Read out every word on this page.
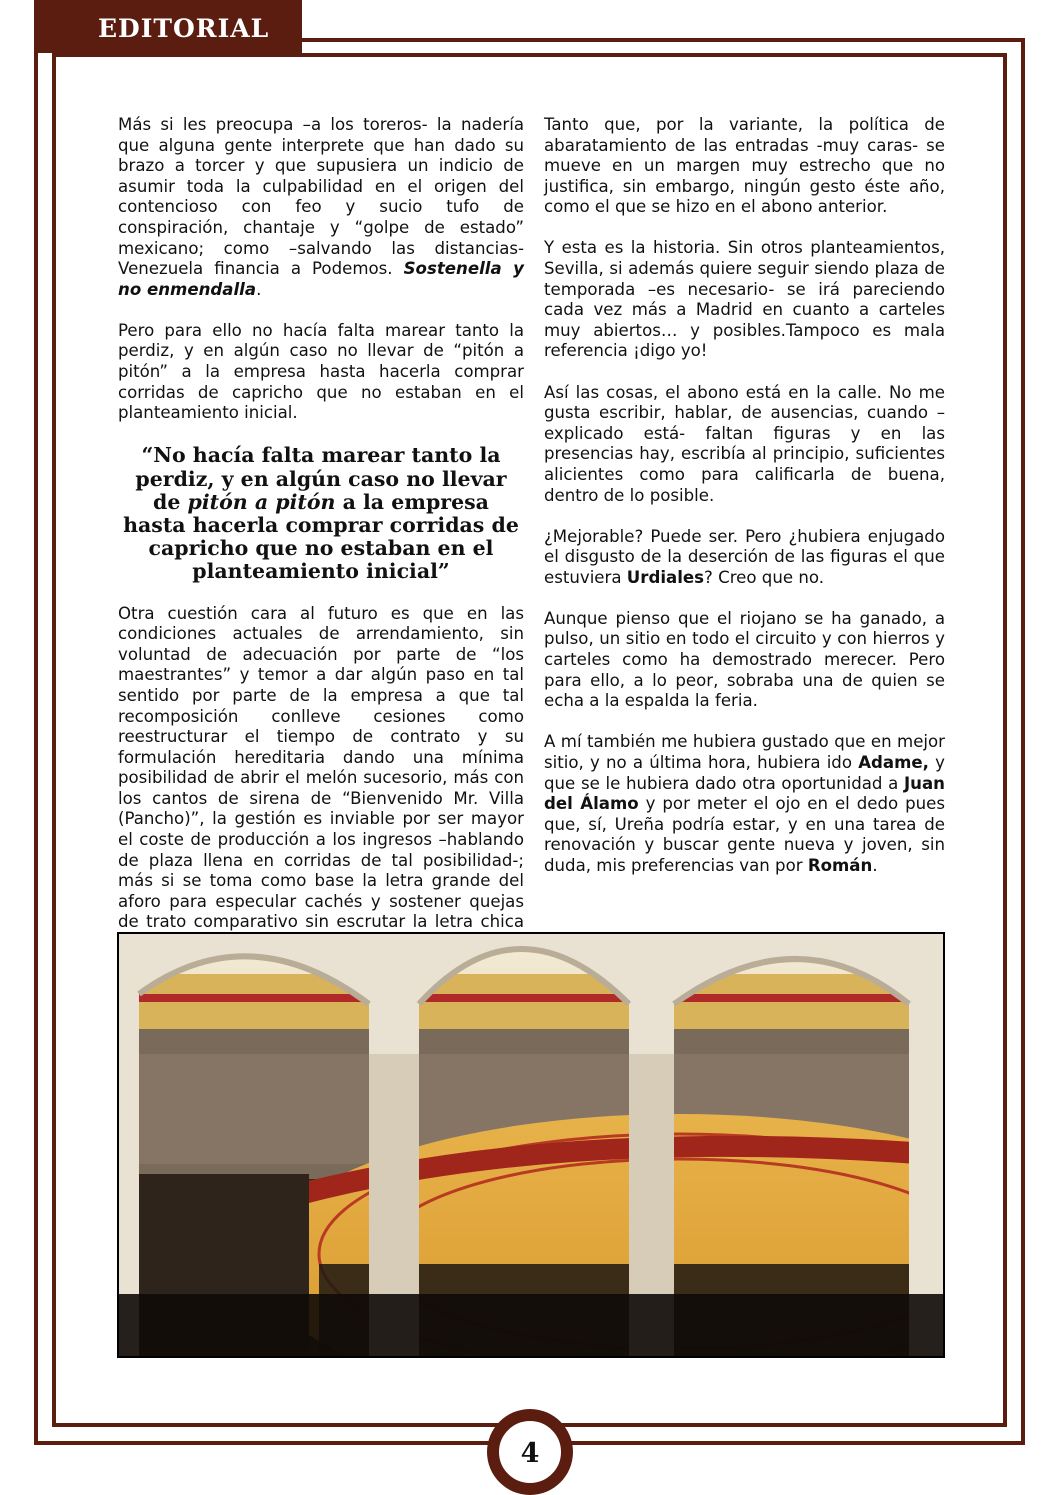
EDITORIAL

Más si les preocupa –a los toreros- la nadería que alguna gente interprete que han dado su brazo a torcer y que supusiera un indicio de asumir toda la culpabilidad en el origen del contencioso con feo y sucio tufo de conspiración, chantaje y “golpe de estado” mexicano; como –salvando las distancias- Venezuela financia a Podemos. Sostenella y no enmendalla.

Pero para ello no hacía falta marear tanto la perdiz, y en algún caso no llevar de “pitón a pitón” a la empresa hasta hacerla comprar corridas de capricho que no estaban en el planteamiento inicial.

“No hacía falta marear tanto la perdiz, y en algún caso no llevar de pitón a pitón a la empresa hasta hacerla comprar corridas de capricho que no estaban en el planteamiento inicial”

Otra cuestión cara al futuro es que en las condiciones actuales de arrendamiento, sin voluntad de adecuación por parte de “los maestrantes” y temor a dar algún paso en tal sentido por parte de la empresa a que tal recomposición conlleve cesiones como reestructurar el tiempo de contrato y su formulación hereditaria dando una mínima posibilidad de abrir el melón sucesorio, más con los cantos de sirena de “Bienvenido Mr. Villa (Pancho)”, la gestión es inviable por ser mayor el coste de producción a los ingresos –hablando de plaza llena en corridas de tal posibilidad-; más si se toma como base la letra grande del aforo para especular cachés y sostener quejas de trato comparativo sin escrutar la letra chica

Tanto que, por la variante, la política de abaratamiento de las entradas -muy caras- se mueve en un margen muy estrecho que no justifica, sin embargo, ningún gesto éste año, como el que se hizo en el abono anterior.

Y esta es la historia. Sin otros planteamientos, Sevilla, si además quiere seguir siendo plaza de temporada –es necesario- se irá pareciendo cada vez más a Madrid en cuanto a carteles muy abiertos… y posibles.Tampoco es mala referencia ¡digo yo!

Así las cosas, el abono está en la calle. No me gusta escribir, hablar, de ausencias, cuando –explicado está- faltan figuras y en las presencias hay, escribía al principio, suficientes alicientes como para calificarla de buena, dentro de lo posible.

¿Mejorable? Puede ser. Pero ¿hubiera enjugado el disgusto de la deserción de las figuras el que estuviera Urdiales? Creo que no.

Aunque pienso que el riojano se ha ganado, a pulso, un sitio en todo el circuito y con hierros y carteles como ha demostrado merecer. Pero para ello, a lo peor, sobraba una de quien se echa a la espalda la feria.

A mí también me hubiera gustado que en mejor sitio, y no a última hora, hubiera ido Adame, y que se le hubiera dado otra oportunidad a Juan del Álamo y por meter el ojo en el dedo pues que, sí, Ureña podría estar, y en una tarea de renovación y buscar gente nueva y joven, sin duda, mis preferencias van por Román.

4
